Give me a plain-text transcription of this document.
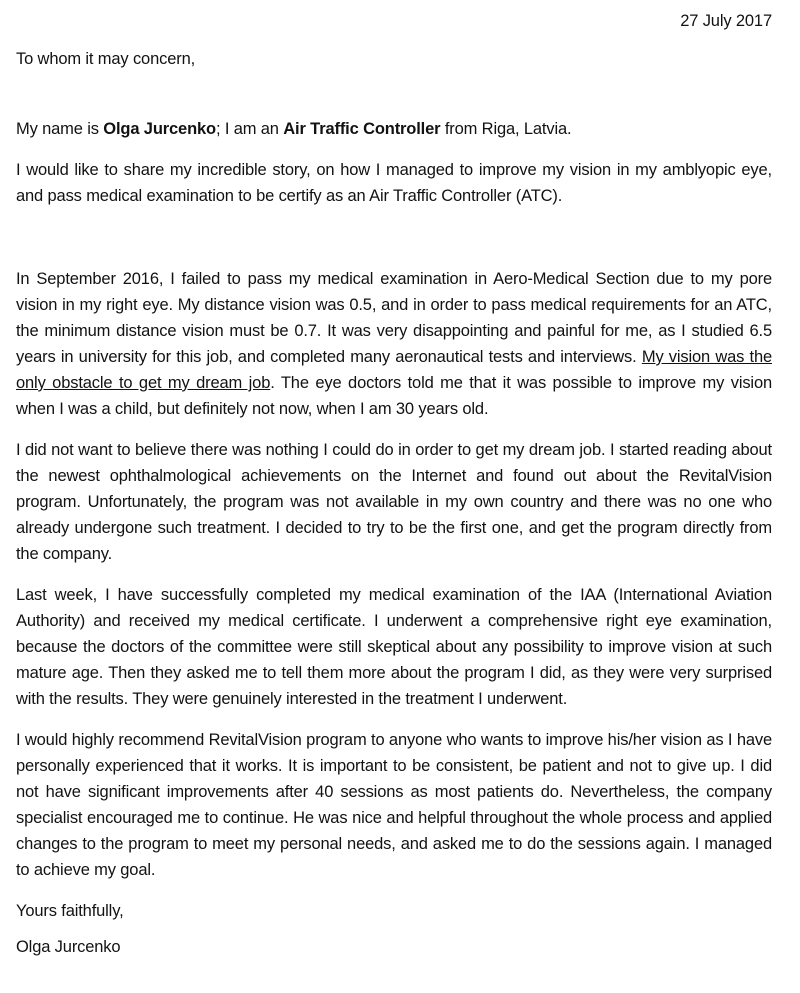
27 July 2017

To whom it may concern,

My name is Olga Jurcenko; I am an Air Traffic Controller from Riga, Latvia.

I would like to share my incredible story, on how I managed to improve my vision in my amblyopic eye, and pass medical examination to be certify as an Air Traffic Controller (ATC).

In September 2016, I failed to pass my medical examination in Aero-Medical Section due to my pore vision in my right eye. My distance vision was 0.5, and in order to pass medical requirements for an ATC, the minimum distance vision must be 0.7. It was very disappointing and painful for me, as I studied 6.5 years in university for this job, and completed many aeronautical tests and interviews. My vision was the only obstacle to get my dream job. The eye doctors told me that it was possible to improve my vision when I was a child, but definitely not now, when I am 30 years old.

I did not want to believe there was nothing I could do in order to get my dream job. I started reading about the newest ophthalmological achievements on the Internet and found out about the RevitalVision program. Unfortunately, the program was not available in my own country and there was no one who already undergone such treatment. I decided to try to be the first one, and get the program directly from the company.

Last week, I have successfully completed my medical examination of the IAA (International Aviation Authority) and received my medical certificate. I underwent a comprehensive right eye examination, because the doctors of the committee were still skeptical about any possibility to improve vision at such mature age. Then they asked me to tell them more about the program I did, as they were very surprised with the results. They were genuinely interested in the treatment I underwent.

I would highly recommend RevitalVision program to anyone who wants to improve his/her vision as I have personally experienced that it works. It is important to be consistent, be patient and not to give up. I did not have significant improvements after 40 sessions as most patients do. Nevertheless, the company specialist encouraged me to continue. He was nice and helpful throughout the whole process and applied changes to the program to meet my personal needs, and asked me to do the sessions again. I managed to achieve my goal.

Yours faithfully,

Olga Jurcenko
